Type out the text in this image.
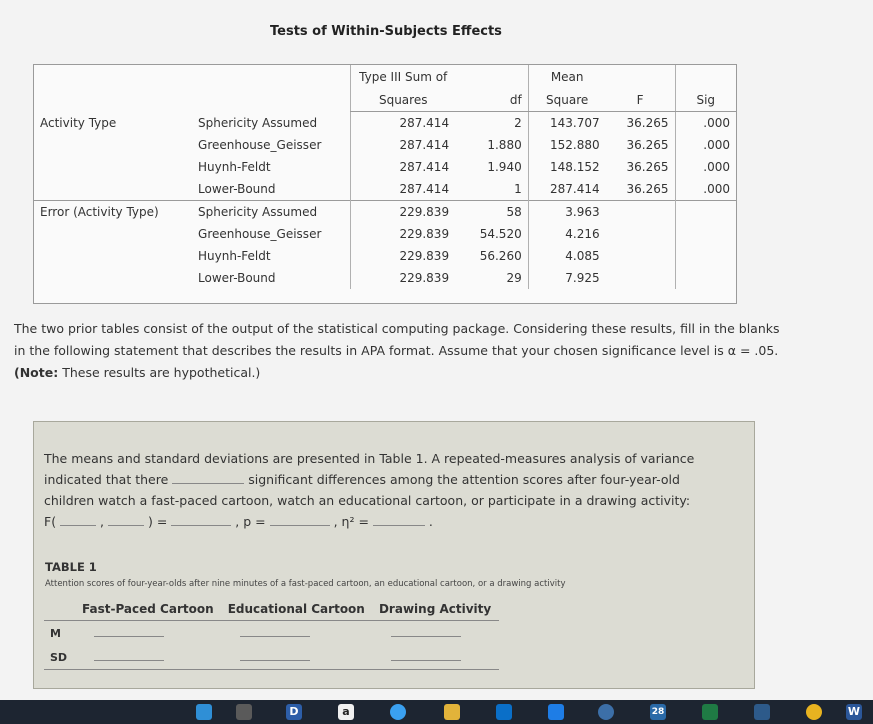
Tests of Within-Subjects Effects
		Type III Sum of		Mean		
		Squares	df	Square	F	Sig
Activity Type	Sphericity Assumed	287.414	2	143.707	36.265	.000
	Greenhouse_Geisser	287.414	1.880	152.880	36.265	.000
	Huynh-Feldt	287.414	1.940	148.152	36.265	.000
	Lower-Bound	287.414	1	287.414	36.265	.000
Error (Activity Type)	Sphericity Assumed	229.839	58	3.963		
	Greenhouse_Geisser	229.839	54.520	4.216		
	Huynh-Feldt	229.839	56.260	4.085		
	Lower-Bound	229.839	29	7.925		
The two prior tables consist of the output of the statistical computing package. Considering these results, fill in the blanks in the following statement that describes the results in APA format. Assume that your chosen significance level is α = .05. (Note: These results are hypothetical.)

The means and standard deviations are presented in Table 1. A repeated-measures analysis of variance indicated that there	significant differences among the attention scores after four-year-old children watch a fast-paced cartoon, watch an educational cartoon, or participate in a drawing activity:
F(	,	) =	, p =	, η² =	.

TABLE 1
Attention scores of four-year-olds after nine minutes of a fast-paced cartoon, an educational cartoon, or a drawing activity
	Fast-Paced Cartoon	Educational Cartoon	Drawing Activity
M			
SD			
D	a	28	W
